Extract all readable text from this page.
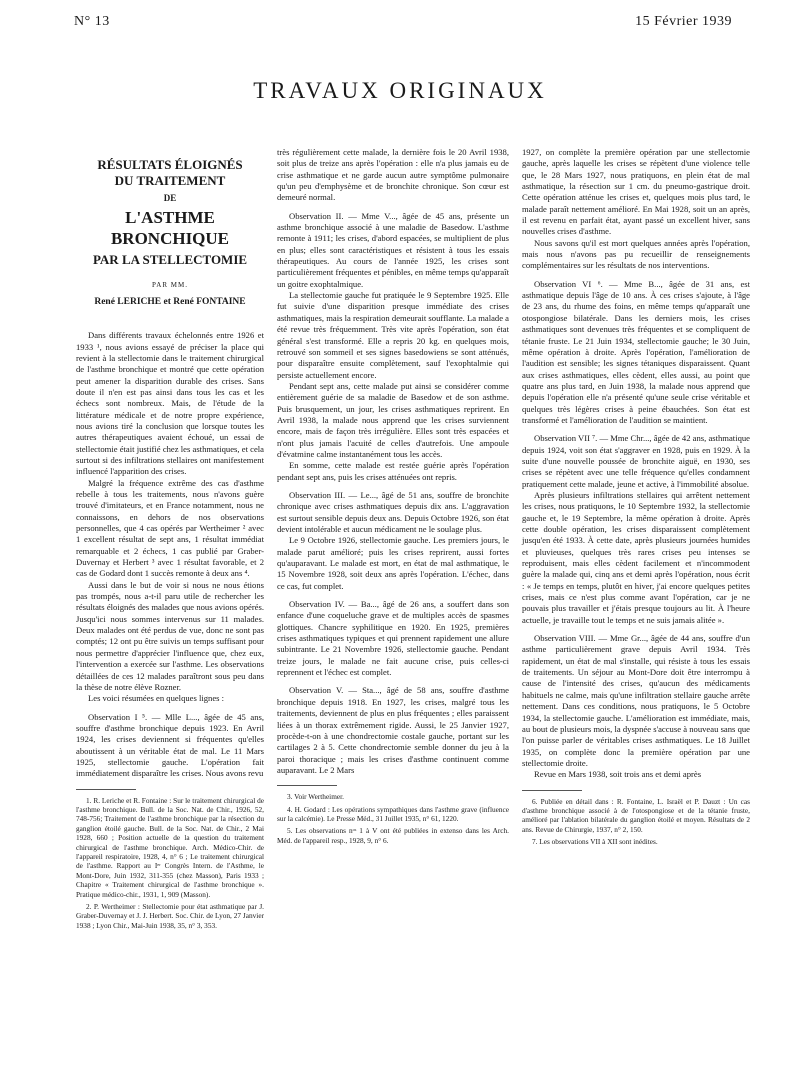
N° 13	15 Février 1939
TRAVAUX ORIGINAUX
RÉSULTATS ÉLOIGNÉS
DU TRAITEMENT
DE
L'ASTHME BRONCHIQUE
PAR LA STELLECTOMIE
PAR MM.
René LERICHE et René FONTAINE

Dans différents travaux échelonnés entre 1926 et 1933 ¹, nous avions essayé de préciser la place qui revient à la stellectomie dans le traitement chirurgical de l'asthme bronchique et montré que cette opération peut amener la disparition durable des crises. Sans doute il n'en est pas ainsi dans tous les cas et les échecs sont nombreux. Mais, de l'étude de la littérature médicale et de notre propre expérience, nous avions tiré la conclusion que lorsque toutes les autres thérapeutiques avaient échoué, un essai de stellectomie était justifié chez les asthmatiques, et cela surtout si des infiltrations stellaires ont manifestement influencé l'apparition des crises.

Malgré la fréquence extrême des cas d'asthme rebelle à tous les traitements, nous n'avons guère trouvé d'imitateurs, et en France notamment, nous ne connaissons, en dehors de nos observations personnelles, que 4 cas opérés par Wertheimer ² avec 1 excellent résultat de sept ans, 1 résultat immédiat remarquable et 2 échecs, 1 cas publié par Graber-Duvernay et Herbert ³ avec 1 résultat favorable, et 2 cas de Godard dont 1 succès remonte à deux ans ⁴.

Aussi dans le but de voir si nous ne nous étions pas trompés, nous a-t-il paru utile de rechercher les résultats éloignés des malades que nous avions opérés. Jusqu'ici nous sommes intervenus sur 11 malades. Deux malades ont été perdus de vue, donc ne sont pas comptés; 12 ont pu être suivis un temps suffisant pour nous permettre d'apprécier l'influence que, chez eux, l'intervention a exercée sur l'asthme. Les observations détaillées de ces 12 malades paraîtront sous peu dans la thèse de notre élève Rozner.

Les voici résumées en quelques lignes :

Observation I ⁵. — Mlle L..., âgée de 45 ans, souffre d'asthme bronchique depuis 1923. En Avril 1924, les crises deviennent si fréquentes qu'elles aboutissent à un véritable état de mal. Le 11 Mars 1925, stellectomie gauche. L'opération fait immédiatement disparaître les crises. Nous avons revu

1. R. Leriche et R. Fontaine : Sur le traitement chirurgical de l'asthme bronchique. Bull. de la Soc. Nat. de Chir., 1926, 52, 748-756; Traitement de l'asthme bronchique par la résection du ganglion étoilé gauche. Bull. de la Soc. Nat. de Chir., 2 Mai 1928, 660 ; Position actuelle de la question du traitement chirurgical de l'asthme bronchique. Arch. Médico-Chir. de l'appareil respiratoire, 1928, 4, n° 6 ; Le traitement chirurgical de l'asthme. Rapport au Iᵉʳ Congrès Intern. de l'Asthme, le Mont-Dore, Juin 1932, 311-355 (chez Masson), Paris 1933 ; Chapitre « Traitement chirurgical de l'asthme bronchique ». Pratique médico-chir., 1931, 1, 909 (Masson).

2. P. Wertheimer : Stellectomie pour état asthmatique par J. Graber-Duvernay et J. J. Herbert. Soc. Chir. de Lyon, 27 Janvier 1938 ; Lyon Chir., Mai-Juin 1938, 35, n° 3, 353.

très régulièrement cette malade, la dernière fois le 20 Avril 1938, soit plus de treize ans après l'opération : elle n'a plus jamais eu de crise asthmatique et ne garde aucun autre symptôme pulmonaire qu'un peu d'emphysème et de bronchite chronique. Son cœur est demeuré normal.

Observation II. — Mme V..., âgée de 45 ans, présente un asthme bronchique associé à une maladie de Basedow. L'asthme remonte à 1911; les crises, d'abord espacées, se multiplient de plus en plus; elles sont caractéristiques et résistent à tous les essais thérapeutiques. Au cours de l'année 1925, les crises sont particulièrement fréquentes et pénibles, en même temps qu'apparaît un goitre exophtalmique.

La stellectomie gauche fut pratiquée le 9 Septembre 1925. Elle fut suivie d'une disparition presque immédiate des crises asthmatiques, mais la respiration demeurait soufflante. La malade a été revue très fréquemment. Très vite après l'opération, son état général s'est transformé. Elle a repris 20 kg. en quelques mois, retrouvé son sommeil et ses signes basedowiens se sont atténués, pour disparaître ensuite complètement, sauf l'exophtalmie qui persiste actuellement encore.

Pendant sept ans, cette malade put ainsi se considérer comme entièrement guérie de sa maladie de Basedow et de son asthme. Puis brusquement, un jour, les crises asthmatiques reprirent. En Avril 1938, la malade nous apprend que les crises surviennent encore, mais de façon très irrégulière. Elles sont très espacées et n'ont plus jamais l'acuité de celles d'autrefois. Une ampoule d'évatmine calme instantanément tous les accès.

En somme, cette malade est restée guérie après l'opération pendant sept ans, puis les crises atténuées ont repris.

Observation III. — Le..., âgé de 51 ans, souffre de bronchite chronique avec crises asthmatiques depuis dix ans. L'aggravation est surtout sensible depuis deux ans. Depuis Octobre 1926, son état devient intolérable et aucun médicament ne le soulage plus.

Le 9 Octobre 1926, stellectomie gauche. Les premiers jours, le malade parut amélioré; puis les crises reprirent, aussi fortes qu'auparavant. Le malade est mort, en état de mal asthmatique, le 15 Novembre 1928, soit deux ans après l'opération. L'échec, dans ce cas, fut complet.

Observation IV. — Ba..., âgé de 26 ans, a souffert dans son enfance d'une coqueluche grave et de multiples accès de spasmes glottiques. Chancre syphilitique en 1920. En 1925, premières crises asthmatiques typiques et qui prennent rapidement une allure subintrante. Le 21 Novembre 1926, stellectomie gauche. Pendant treize jours, le malade ne fait aucune crise, puis celles-ci reprennent et l'échec est complet.

Observation V. — Sta..., âgé de 58 ans, souffre d'asthme bronchique depuis 1918. En 1927, les crises, malgré tous les traitements, deviennent de plus en plus fréquentes ; elles paraissent liées à un thorax extrêmement rigide. Aussi, le 25 Janvier 1927, procède-t-on à une chondrectomie costale gauche, portant sur les cartilages 2 à 5. Cette chondrectomie semble donner du jeu à la paroi thoracique ; mais les crises d'asthme continuent comme auparavant. Le 2 Mars

3. Voir Wertheimer.

4. H. Godard : Les opérations sympathiques dans l'asthme grave (influence sur la calcémie). Le Presse Méd., 31 Juillet 1935, n° 61, 1220.

5. Les observations nᵒˢ 1 à V ont été publiées in extenso dans les Arch. Méd. de l'appareil resp., 1928, 9, n° 6.

1927, on complète la première opération par une stellectomie gauche, après laquelle les crises se répètent d'une violence telle que, le 28 Mars 1927, nous pratiquons, en plein état de mal asthmatique, la résection sur 1 cm. du pneumo-gastrique droit. Cette opération atténue les crises et, quelques mois plus tard, le malade paraît nettement amélioré. En Mai 1928, soit un an après, il est revenu en parfait état, ayant passé un excellent hiver, sans nouvelles crises d'asthme.

Nous savons qu'il est mort quelques années après l'opération, mais nous n'avons pas pu recueillir de renseignements complémentaires sur les résultats de nos interventions.

Observation VI ⁶. — Mme B..., âgée de 31 ans, est asthmatique depuis l'âge de 10 ans. À ces crises s'ajoute, à l'âge de 23 ans, du rhume des foins, en même temps qu'apparaît une otospongiose bilatérale. Dans les derniers mois, les crises asthmatiques sont devenues très fréquentes et se compliquent de tétanie fruste. Le 21 Juin 1934, stellectomie gauche; le 30 Juin, même opération à droite. Après l'opération, l'amélioration de l'audition est sensible; les signes tétaniques disparaissent. Quant aux crises asthmatiques, elles cèdent, elles aussi, au point que quatre ans plus tard, en Juin 1938, la malade nous apprend que depuis l'opération elle n'a présenté qu'une seule crise véritable et quelques très légères crises à peine ébauchées. Son état est transformé et l'amélioration de l'audition se maintient.

Observation VII ⁷. — Mme Chr..., âgée de 42 ans, asthmatique depuis 1924, voit son état s'aggraver en 1928, puis en 1929. À la suite d'une nouvelle poussée de bronchite aiguë, en 1930, ses crises se répètent avec une telle fréquence qu'elles condamnent pratiquement cette malade, jeune et active, à l'immobilité absolue.

Après plusieurs infiltrations stellaires qui arrêtent nettement les crises, nous pratiquons, le 10 Septembre 1932, la stellectomie gauche et, le 19 Septembre, la même opération à droite. Après cette double opération, les crises disparaissent complètement jusqu'en été 1933. À cette date, après plusieurs journées humides et pluvieuses, quelques très rares crises peu intenses se reproduisent, mais elles cèdent facilement et n'incommodent guère la malade qui, cinq ans et demi après l'opération, nous écrit : « Je temps en temps, plutôt en hiver, j'ai encore quelques petites crises, mais ce n'est plus comme avant l'opération, car je ne pouvais plus travailler et j'étais presque toujours au lit. À l'heure actuelle, je travaille tout le temps et ne suis jamais alitée ».

Observation VIII. — Mme Gr..., âgée de 44 ans, souffre d'un asthme particulièrement grave depuis Avril 1934. Très rapidement, un état de mal s'installe, qui résiste à tous les essais de traitements. Un séjour au Mont-Dore doit être interrompu à cause de l'intensité des crises, qu'aucun des médicaments habituels ne calme, mais qu'une infiltration stellaire gauche arrête nettement. Dans ces conditions, nous pratiquons, le 5 Octobre 1934, la stellectomie gauche. L'amélioration est immédiate, mais, au bout de plusieurs mois, la dyspnée s'accuse à nouveau sans que l'on puisse parler de véritables crises asthmatiques. Le 18 Juillet 1935, on complète donc la première opération par une stellectomie droite.

Revue en Mars 1938, soit trois ans et demi après

6. Publiée en détail dans : R. Fontaine, L. Israël et P. Dauzt : Un cas d'asthme bronchique associé à de l'otospongiose et de la tétanie fruste, amélioré par l'ablation bilatérale du ganglion étoilé et moyen. Résultats de 2 ans. Revue de Chirurgie, 1937, n° 2, 150.

7. Les observations VII à XII sont inédites.
